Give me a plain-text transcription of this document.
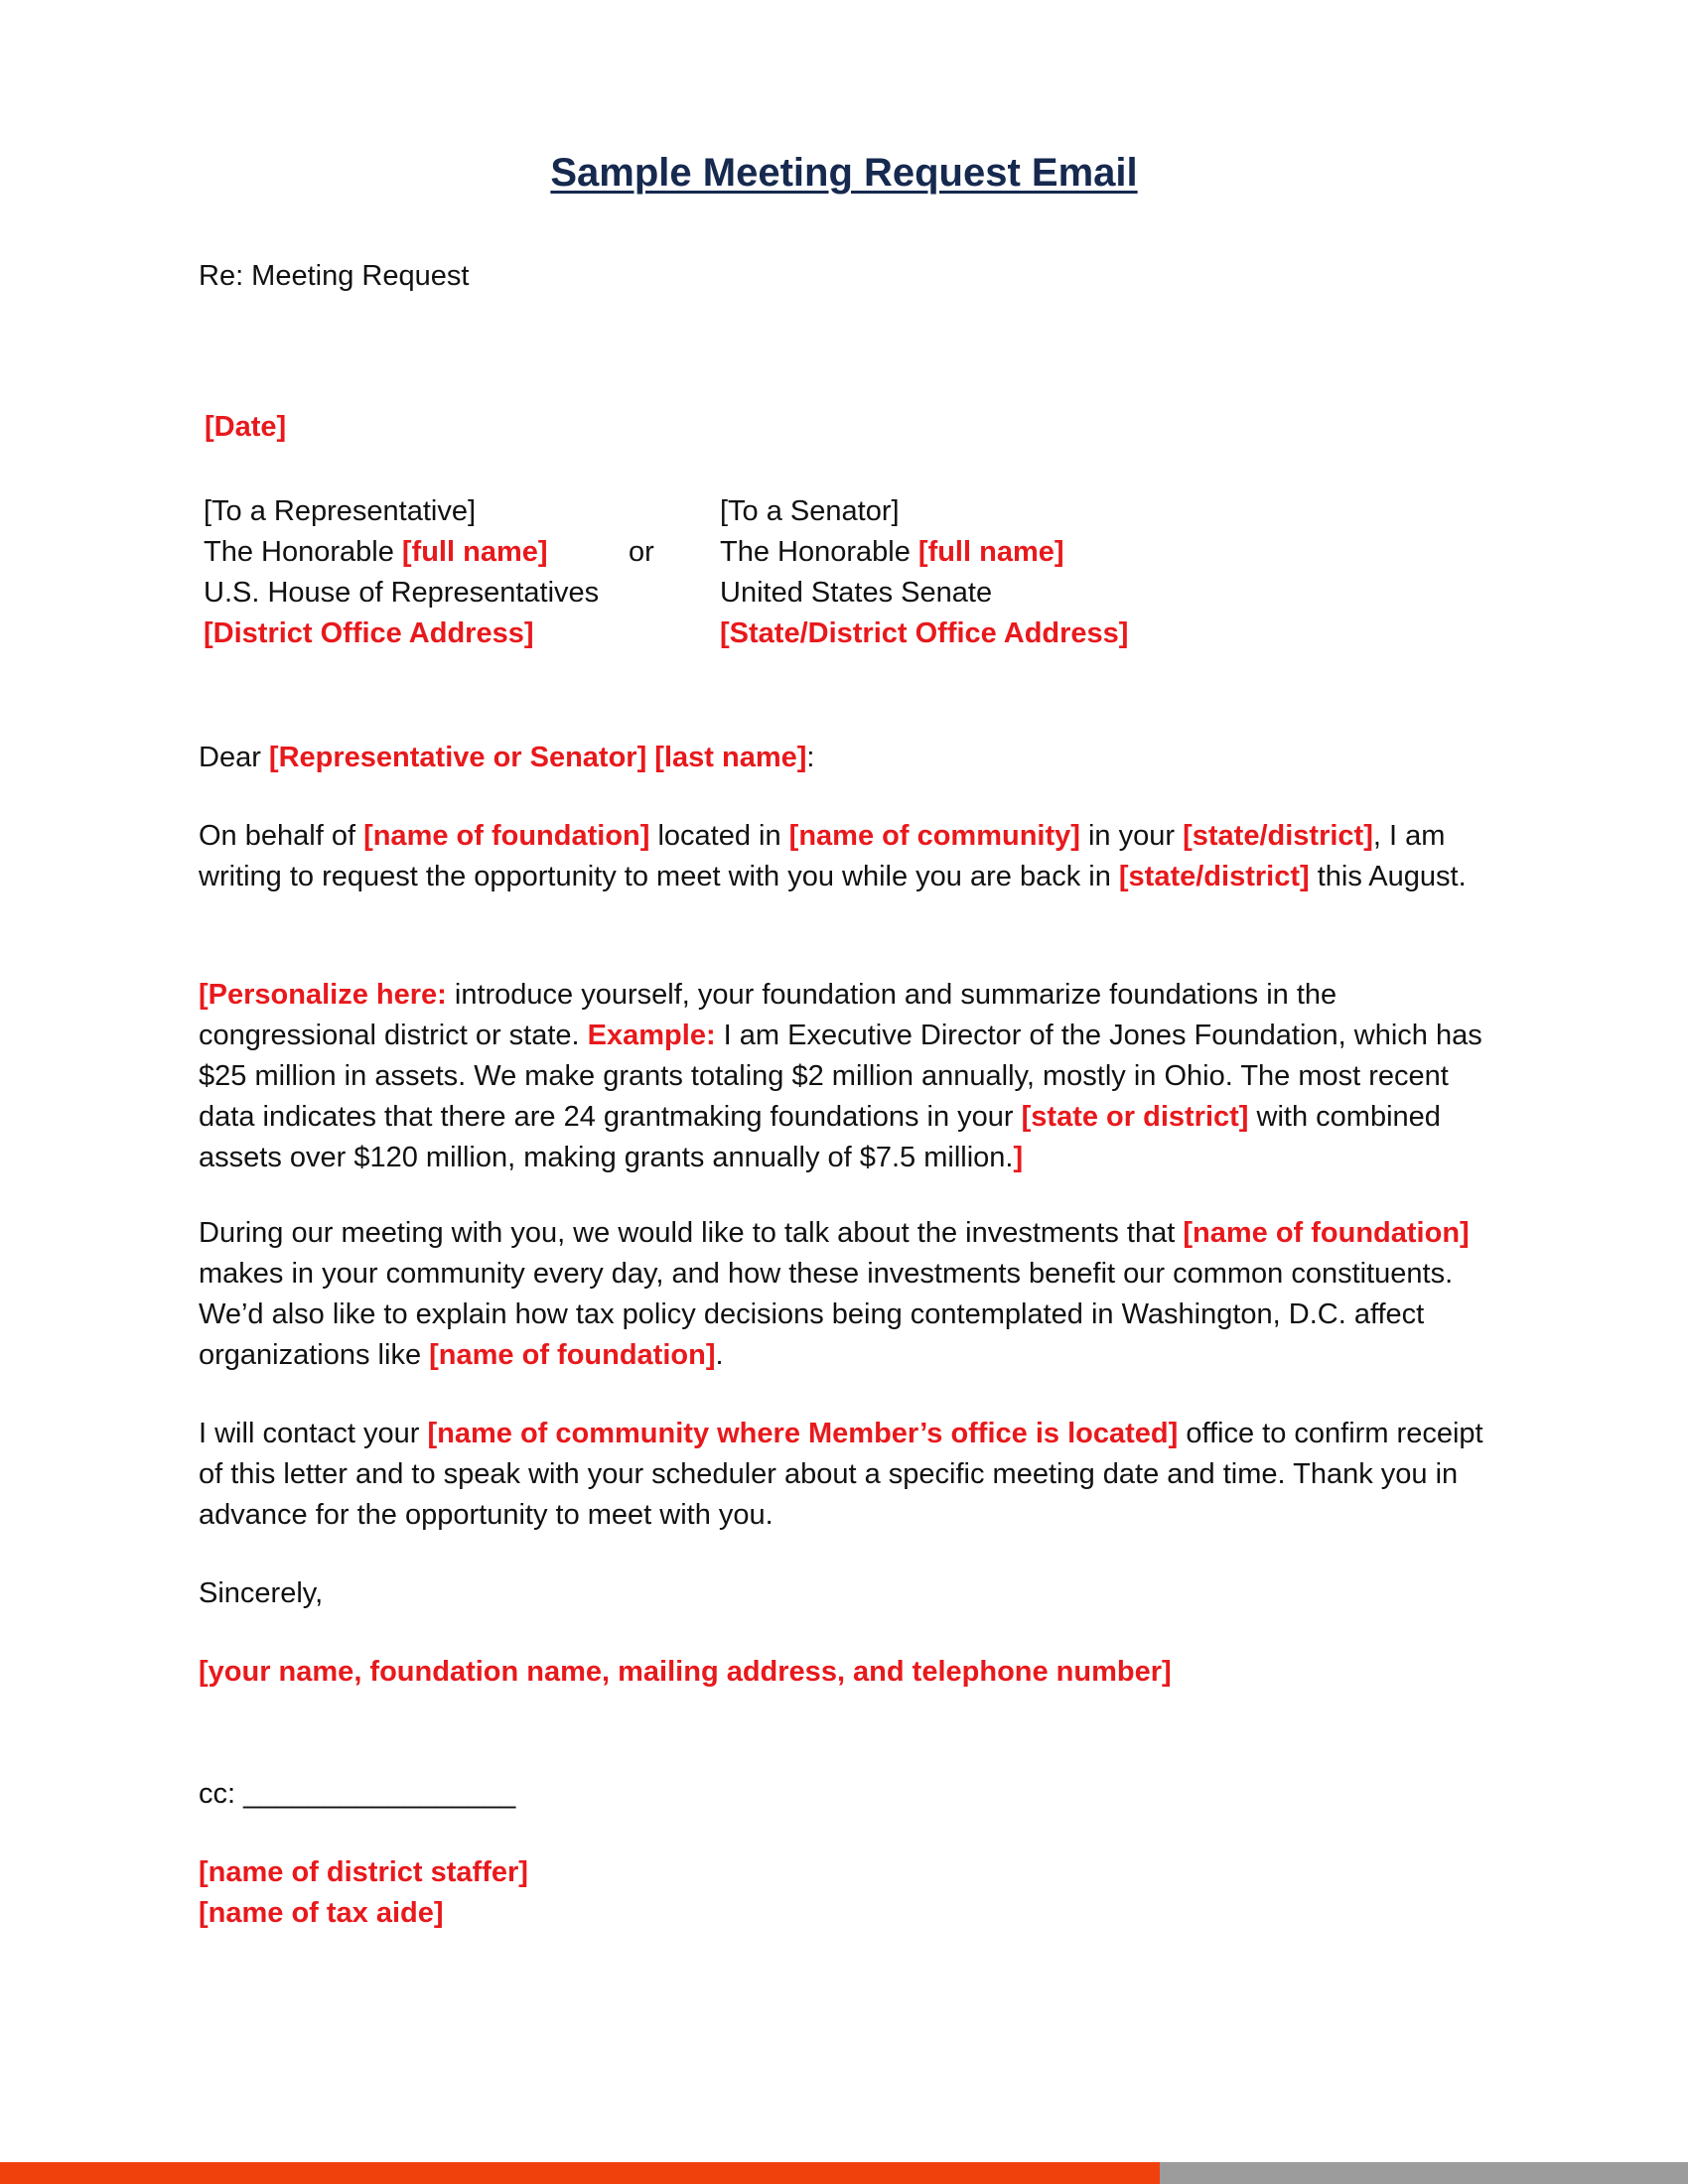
Sample Meeting Request Email
Re: Meeting Request
[Date]
[To a Representative]
The Honorable [full name]
U.S. House of Representatives
[District Office Address]
or
[To a Senator]
The Honorable [full name]
United States Senate
[State/District Office Address]
Dear [Representative or Senator] [last name]:
On behalf of [name of foundation] located in [name of community] in your [state/district], I am writing to request the opportunity to meet with you while you are back in [state/district] this August.
[Personalize here: introduce yourself, your foundation and summarize foundations in the congressional district or state. Example: I am Executive Director of the Jones Foundation, which has $25 million in assets. We make grants totaling $2 million annually, mostly in Ohio. The most recent data indicates that there are 24 grantmaking foundations in your [state or district] with combined assets over $120 million, making grants annually of $7.5 million.]
During our meeting with you, we would like to talk about the investments that [name of foundation] makes in your community every day, and how these investments benefit our common constituents. We’d also like to explain how tax policy decisions being contemplated in Washington, D.C. affect organizations like [name of foundation].
I will contact your [name of community where Member’s office is located] office to confirm receipt of this letter and to speak with your scheduler about a specific meeting date and time. Thank you in advance for the opportunity to meet with you.
Sincerely,
[your name, foundation name, mailing address, and telephone number]
cc: _________________
[name of district staffer]
[name of tax aide]
